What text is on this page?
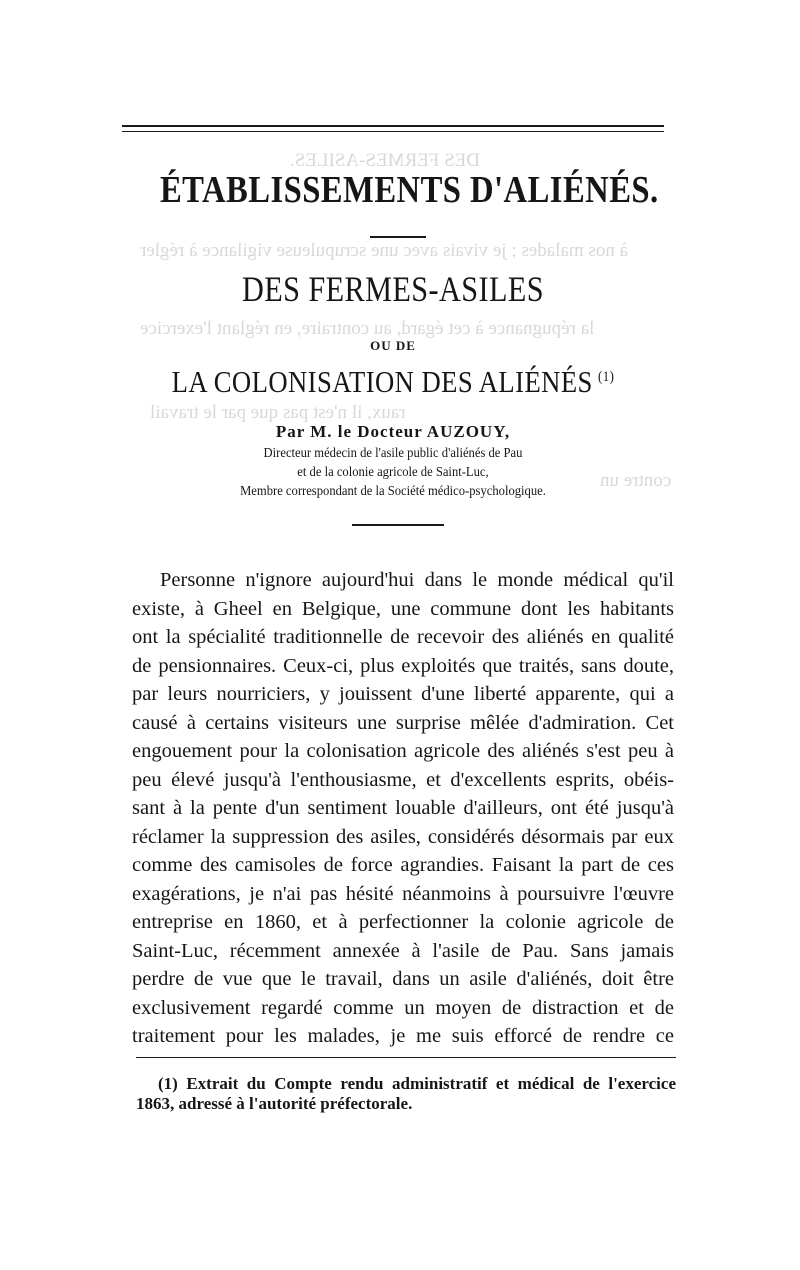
DES FERMES-ASILES.
à nos malades ; je vivais avec une scrupuleuse vigilance à régler
la répugnance à cet égard, au contraire, en réglant l'exercice
raux, il n'est pas que par le travail
contre un
ÉTABLISSEMENTS D'ALIÉNÉS.
DES FERMES-ASILES
OU DE
LA COLONISATION DES ALIÉNÉS $^{(1)}$
Par M. le Docteur AUZOUY,
Directeur médecin de l'asile public d'aliénés de Pau
et de la colonie agricole de Saint-Luc,
Membre correspondant de la Société médico-psychologique.
Personne n'ignore aujourd'hui dans le monde médical qu'il
existe, à Gheel en Belgique, une commune dont les habitants
ont la spécialité traditionnelle de recevoir des aliénés en qualité
de pensionnaires. Ceux-ci, plus exploités que traités, sans doute,
par leurs nourriciers, y jouissent d'une liberté apparente, qui a
causé à certains visiteurs une surprise mêlée d'admiration. Cet
engouement pour la colonisation agricole des aliénés s'est peu à
peu élevé jusqu'à l'enthousiasme, et d'excellents esprits, obéis-
sant à la pente d'un sentiment louable d'ailleurs, ont été jusqu'à
réclamer la suppression des asiles, considérés désormais par eux
comme des camisoles de force agrandies. Faisant la part de ces
exagérations, je n'ai pas hésité néanmoins à poursuivre l'œuvre
entreprise en 1860, et à perfectionner la colonie agricole de
Saint-Luc, récemment annexée à l'asile de Pau. Sans jamais
perdre de vue que le travail, dans un asile d'aliénés, doit être
exclusivement regardé comme un moyen de distraction et de
traitement pour les malades, je me suis efforcé de rendre ce
(1) Extrait du Compte rendu administratif et médical de l'exercice
1863, adressé à l'autorité préfectorale.
